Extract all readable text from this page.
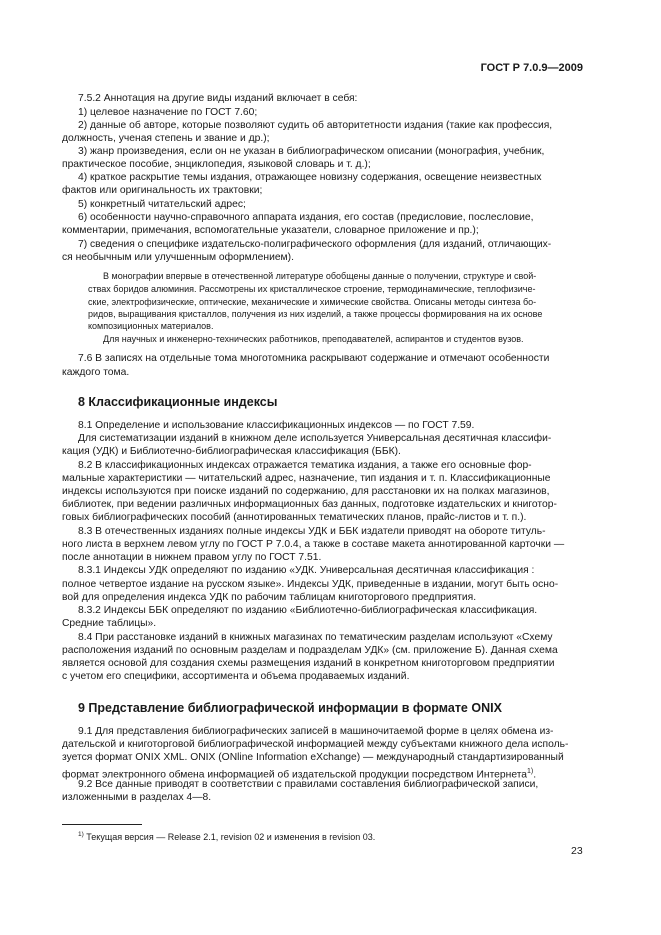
ГОСТ Р 7.0.9—2009
7.5.2 Аннотация на другие виды изданий включает в себя:
1) целевое назначение по ГОСТ 7.60;
2) данные об авторе, которые позволяют судить об авторитетности издания (такие как профессия,
должность, ученая степень и звание и др.);
3) жанр произведения, если он не указан в библиографическом описании (монография, учебник,
практическое пособие, энциклопедия, языковой словарь и т. д.);
4) краткое раскрытие темы издания, отражающее новизну содержания, освещение неизвестных
фактов или оригинальность их трактовки;
5) конкретный читательский адрес;
6) особенности научно-справочного аппарата издания, его состав (предисловие, послесловие,
комментарии, примечания, вспомогательные указатели, словарное приложение и пр.);
7) сведения о специфике издательско-полиграфического оформления (для изданий, отличающих-
ся необычным или улучшенным оформлением).
В монографии впервые в отечественной литературе обобщены данные о получении, структуре и свой-
ствах боридов алюминия. Рассмотрены их кристаллическое строение, термодинамические, теплофизиче-
ские, электрофизические, оптические, механические и химические свойства. Описаны методы синтеза бо-
ридов, выращивания кристаллов, получения из них изделий, а также процессы формирования на их основе
композиционных материалов.
Для научных и инженерно-технических работников, преподавателей, аспирантов и студентов вузов.
7.6 В записях на отдельные тома многотомника раскрывают содержание и отмечают особенности
каждого тома.
8 Классификационные индексы
8.1 Определение и использование классификационных индексов — по ГОСТ 7.59.
Для систематизации изданий в книжном деле используется Универсальная десятичная классифи-
кация (УДК) и Библиотечно-библиографическая классификация (ББК).
8.2 В классификационных индексах отражается тематика издания, а также его основные фор-
мальные характеристики — читательский адрес, назначение, тип издания и т. п. Классификационные
индексы используются при поиске изданий по содержанию, для расстановки их на полках магазинов,
библиотек, при ведении различных информационных баз данных, подготовке издательских и книготор-
говых библиографических пособий (аннотированных тематических планов, прайс-листов и т. п.).
8.3 В отечественных изданиях полные индексы УДК и ББК издатели приводят на обороте титуль-
ного листа в верхнем левом углу по ГОСТ Р 7.0.4, а также в составе макета аннотированной карточки —
после аннотации в нижнем правом углу по ГОСТ 7.51.
8.3.1 Индексы УДК определяют по изданию «УДК. Универсальная десятичная классификация :
полное четвертое издание на русском языке». Индексы УДК, приведенные в издании, могут быть осно-
вой для определения индекса УДК по рабочим таблицам книготоргового предприятия.
8.3.2 Индексы ББК определяют по изданию «Библиотечно-библиографическая классификация.
Средние таблицы».
8.4 При расстановке изданий в книжных магазинах по тематическим разделам используют «Схему
расположения изданий по основным разделам и подразделам УДК» (см. приложение Б). Данная схема
является основой для создания схемы размещения изданий в конкретном книготорговом предприятии
с учетом его специфики, ассортимента и объема продаваемых изданий.
9 Представление библиографической информации в формате ONIX
9.1 Для представления библиографических записей в машиночитаемой форме в целях обмена из-
дательской и книготорговой библиографической информацией между субъектами книжного дела исполь-
зуется формат ONIX XML. ONIX (ONline Information eXchange) — международный стандартизированный
формат электронного обмена информацией об издательской продукции посредством Интернета$^{1)}$.
9.2 Все данные приводят в соответствии с правилами составления библиографической записи,
изложенными в разделах 4—8.
$^{1)}$ Текущая версия — Release 2.1, revision 02 и изменения в revision 03.
23
